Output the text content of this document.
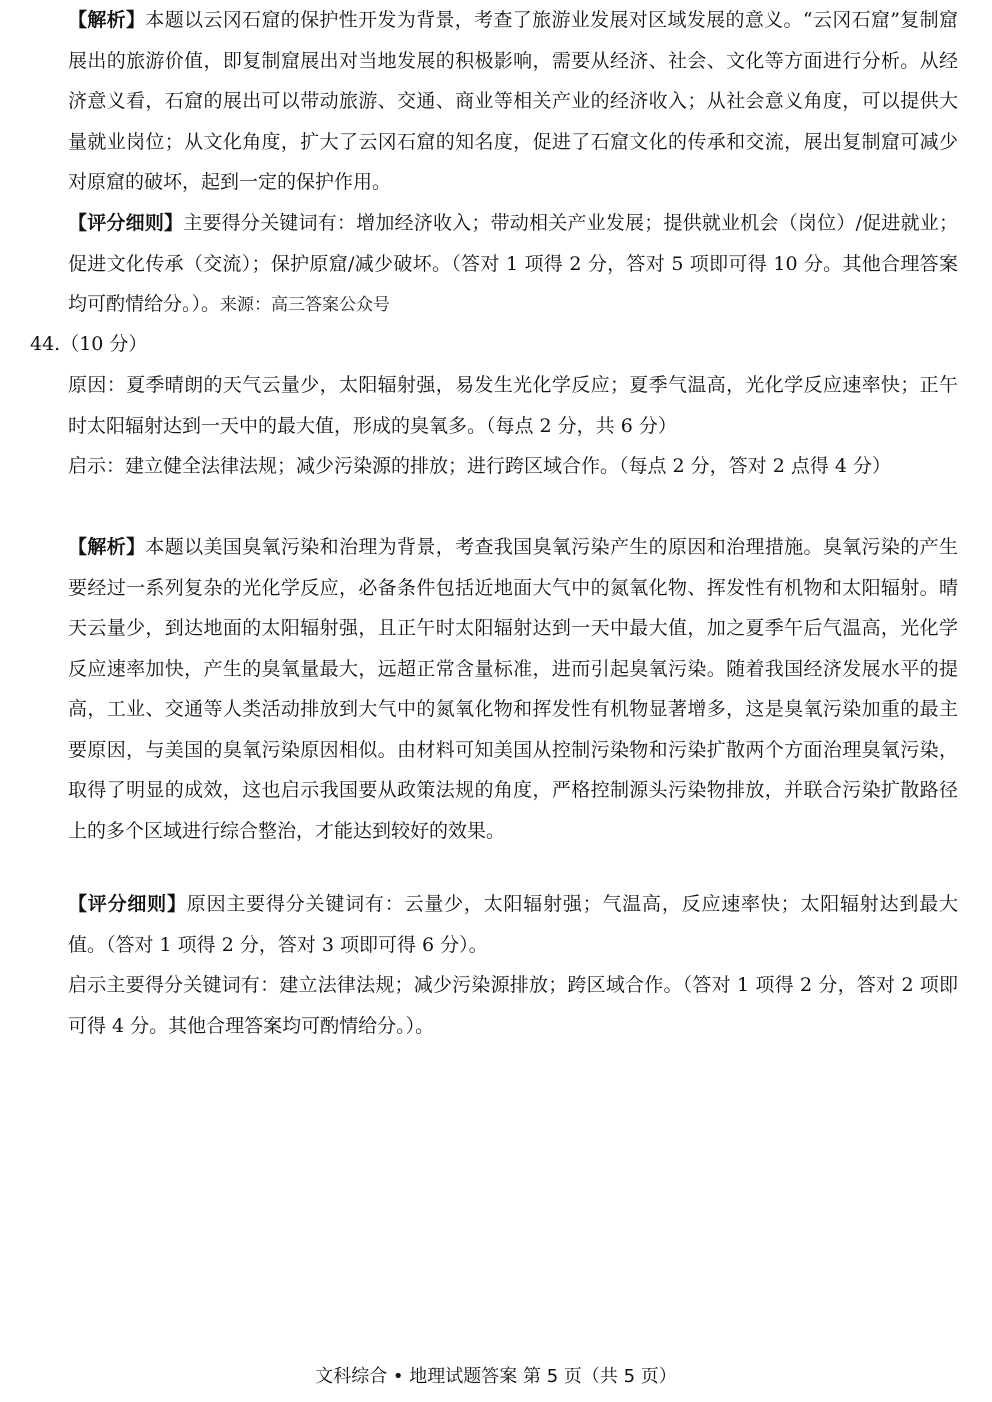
【解析】本题以云冈石窟的保护性开发为背景，考查了旅游业发展对区域发展的意义。“云冈石窟”复制窟展出的旅游价值，即复制窟展出对当地发展的积极影响，需要从经济、社会、文化等方面进行分析。从经济意义看，石窟的展出可以带动旅游、交通、商业等相关产业的经济收入；从社会意义角度，可以提供大量就业岗位；从文化角度，扩大了云冈石窟的知名度，促进了石窟文化的传承和交流，展出复制窟可减少对原窟的破坏，起到一定的保护作用。

【评分细则】主要得分关键词有：增加经济收入；带动相关产业发展；提供就业机会（岗位）/促进就业；促进文化传承（交流）；保护原窟/减少破坏。（答对 1 项得 2 分，答对 5 项即可得 10 分。其他合理答案均可酌情给分。）。来源：高三答案公众号

44.（10 分）

原因：夏季晴朗的天气云量少，太阳辐射强，易发生光化学反应；夏季气温高，光化学反应速率快；正午时太阳辐射达到一天中的最大值，形成的臭氧多。（每点 2 分，共 6 分）

启示：建立健全法律法规；减少污染源的排放；进行跨区域合作。（每点 2 分，答对 2 点得 4 分）

【解析】本题以美国臭氧污染和治理为背景，考查我国臭氧污染产生的原因和治理措施。臭氧污染的产生要经过一系列复杂的光化学反应，必备条件包括近地面大气中的氮氧化物、挥发性有机物和太阳辐射。晴天云量少，到达地面的太阳辐射强，且正午时太阳辐射达到一天中最大值，加之夏季午后气温高，光化学反应速率加快，产生的臭氧量最大，远超正常含量标准，进而引起臭氧污染。随着我国经济发展水平的提高，工业、交通等人类活动排放到大气中的氮氧化物和挥发性有机物显著增多，这是臭氧污染加重的最主要原因，与美国的臭氧污染原因相似。由材料可知美国从控制污染物和污染扩散两个方面治理臭氧污染，取得了明显的成效，这也启示我国要从政策法规的角度，严格控制源头污染物排放，并联合污染扩散路径上的多个区域进行综合整治，才能达到较好的效果。

【评分细则】原因主要得分关键词有：云量少，太阳辐射强；气温高，反应速率快；太阳辐射达到最大值。（答对 1 项得 2 分，答对 3 项即可得 6 分）。

启示主要得分关键词有：建立法律法规；减少污染源排放；跨区域合作。（答对 1 项得 2 分，答对 2 项即可得 4 分。其他合理答案均可酌情给分。）。

文科综合 • 地理试题答案 第 5 页（共 5 页）
